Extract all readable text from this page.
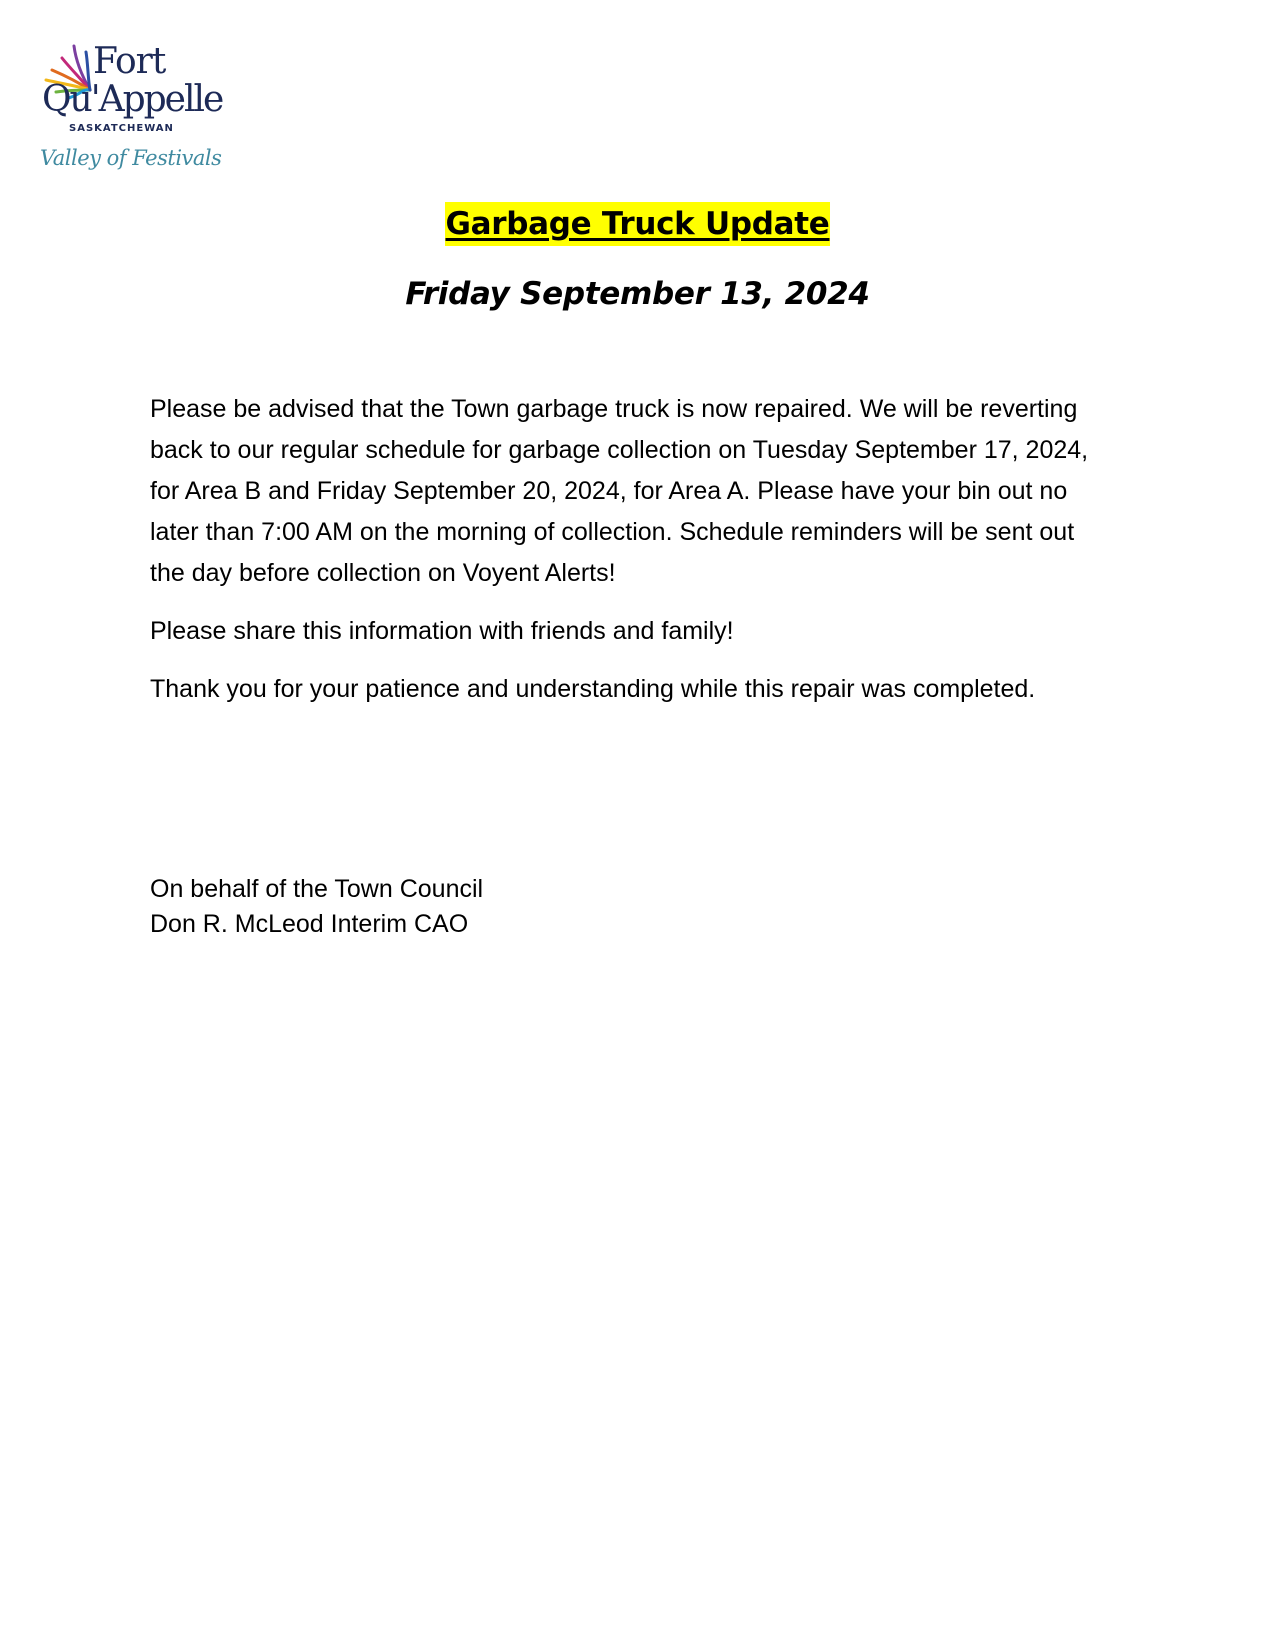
Fort
Qu'Appelle
SASKATCHEWAN
Valley of Festivals
Garbage Truck Update
Friday September 13, 2024

Please be advised that the Town garbage truck is now repaired. We will be reverting back to our regular schedule for garbage collection on Tuesday September 17, 2024, for Area B and Friday September 20, 2024, for Area A. Please have your bin out no later than 7:00 AM on the morning of collection. Schedule reminders will be sent out the day before collection on Voyent Alerts!

Please share this information with friends and family!

Thank you for your patience and understanding while this repair was completed.

On behalf of the Town Council
Don R. McLeod Interim CAO
